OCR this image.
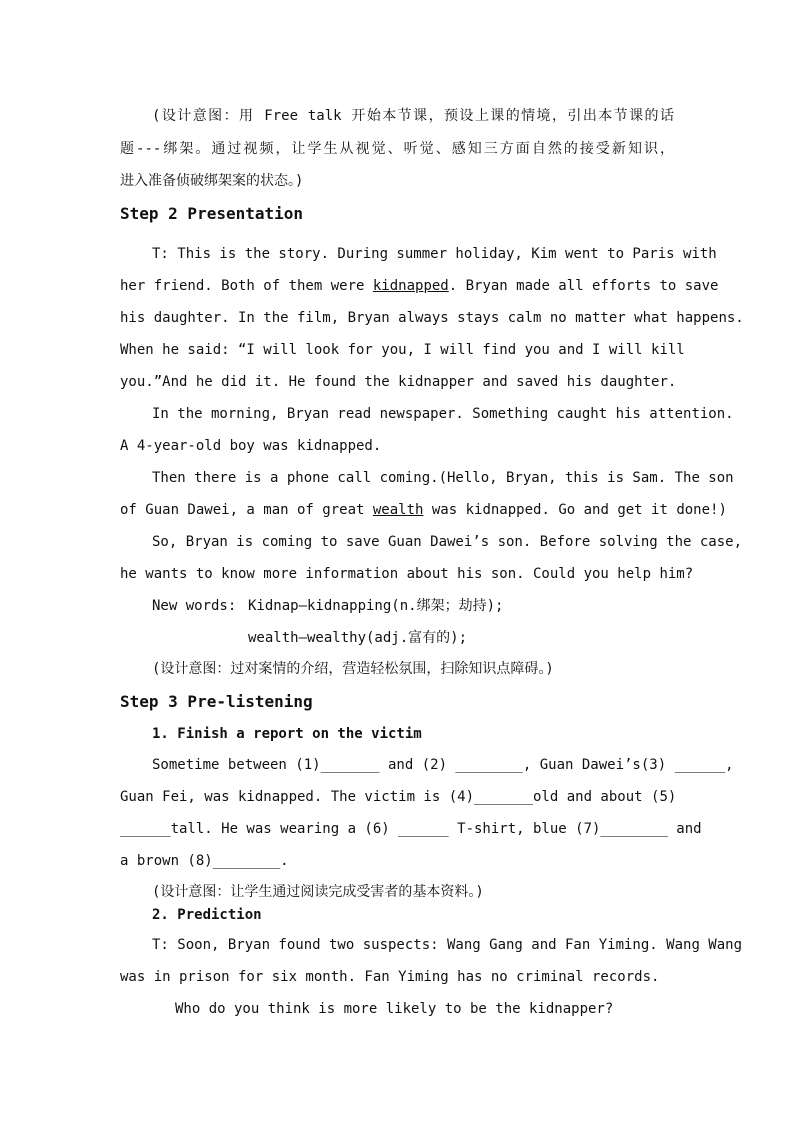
(设计意图：用 Free talk 开始本节课，预设上课的情境，引出本节课的话
题---绑架。通过视频，让学生从视觉、听觉、感知三方面自然的接受新知识，
进入准备侦破绑架案的状态。)
Step 2 Presentation
T: This is the story. During summer holiday, Kim went to Paris with
her friend. Both of them were kidnapped. Bryan made all efforts to save
his daughter. In the film, Bryan always stays calm no matter what happens.
When he said: “I will look for you, I will find you and I will kill
you.”And he did it. He found the kidnapper and saved his daughter.
In the morning, Bryan read newspaper. Something caught his attention.
A 4-year-old boy was kidnapped.
Then there is a phone call coming.(Hello, Bryan, this is Sam. The son
of Guan Dawei, a man of great wealth was kidnapped. Go and get it done!)
So, Bryan is coming to save Guan Dawei’s son. Before solving the case,
he wants to know more information about his son. Could you help him?
New words: Kidnap—kidnapping(n.绑架；劫持);
wealth—wealthy(adj.富有的);
(设计意图：过对案情的介绍，营造轻松氛围，扫除知识点障碍。)
Step 3 Pre-listening
1. Finish a report on the victim
Sometime between (1)_______ and (2) ________, Guan Dawei’s(3) ______,
Guan Fei, was kidnapped. The victim is (4)_______old and about (5)
______tall. He was wearing a (6) ______ T-shirt, blue (7)________ and
a brown (8)________.
(设计意图：让学生通过阅读完成受害者的基本资料。)
2. Prediction
T: Soon, Bryan found two suspects: Wang Gang and Fan Yiming. Wang Wang
was in prison for six month. Fan Yiming has no criminal records.
Who do you think is more likely to be the kidnapper?
